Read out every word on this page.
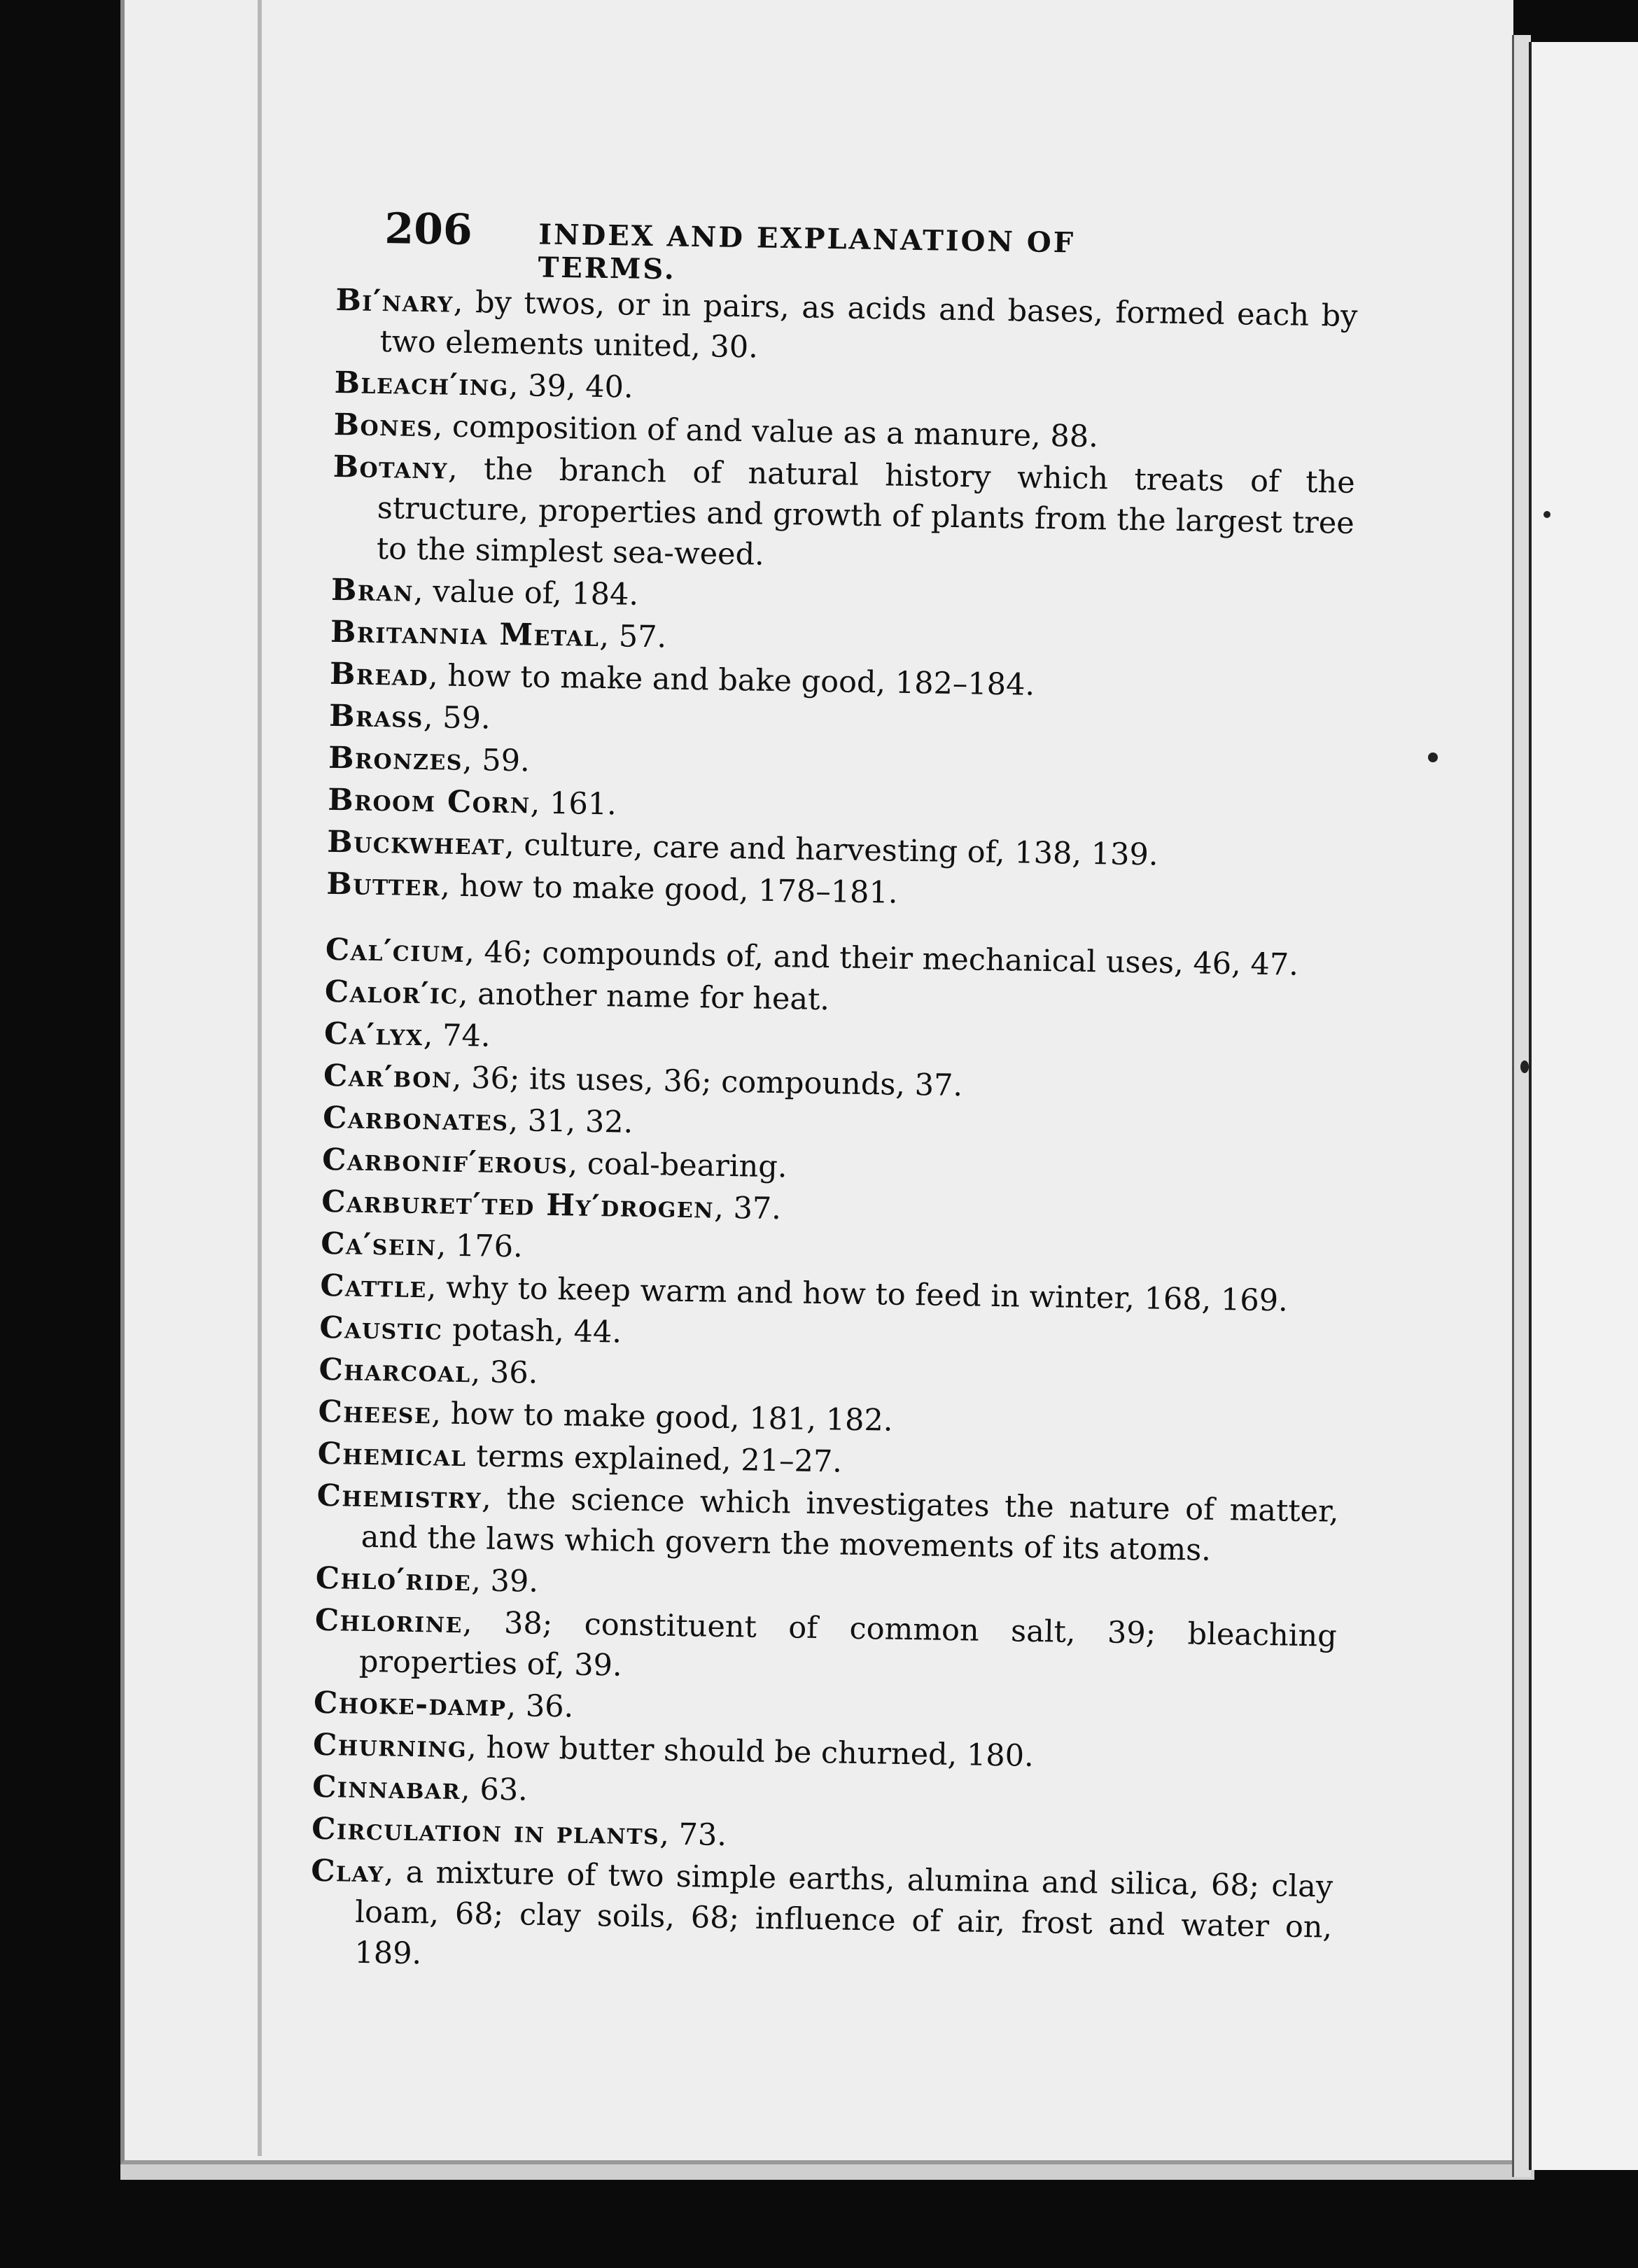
206 INDEX AND EXPLANATION OF TERMS.
Bi′nary, by twos, or in pairs, as acids and bases, formed each by two elements united, 30.
Bleach′ing, 39, 40.
Bones, composition of and value as a manure, 88.
Botany, the branch of natural history which treats of the structure, properties and growth of plants from the largest tree to the simplest sea-weed.
Bran, value of, 184.
Britannia Metal, 57.
Bread, how to make and bake good, 182–184.
Brass, 59.
Bronzes, 59.
Broom Corn, 161.
Buckwheat, culture, care and harvesting of, 138, 139.
Butter, how to make good, 178–181.
Cal′cium, 46; compounds of, and their mechanical uses, 46, 47.
Calor′ic, another name for heat.
Ca′lyx, 74.
Car′bon, 36; its uses, 36; compounds, 37.
Carbonates, 31, 32.
Carbonif′erous, coal-bearing.
Carburet′ted Hy′drogen, 37.
Ca′sein, 176.
Cattle, why to keep warm and how to feed in winter, 168, 169.
Caustic potash, 44.
Charcoal, 36.
Cheese, how to make good, 181, 182.
Chemical terms explained, 21–27.
Chemistry, the science which investigates the nature of matter, and the laws which govern the movements of its atoms.
Chlo′ride, 39.
Chlorine, 38; constituent of common salt, 39; bleaching properties of, 39.
Choke-damp, 36.
Churning, how butter should be churned, 180.
Cinnabar, 63.
Circulation in plants, 73.
Clay, a mixture of two simple earths, alumina and silica, 68; clay loam, 68; clay soils, 68; influence of air, frost and water on, 189.
